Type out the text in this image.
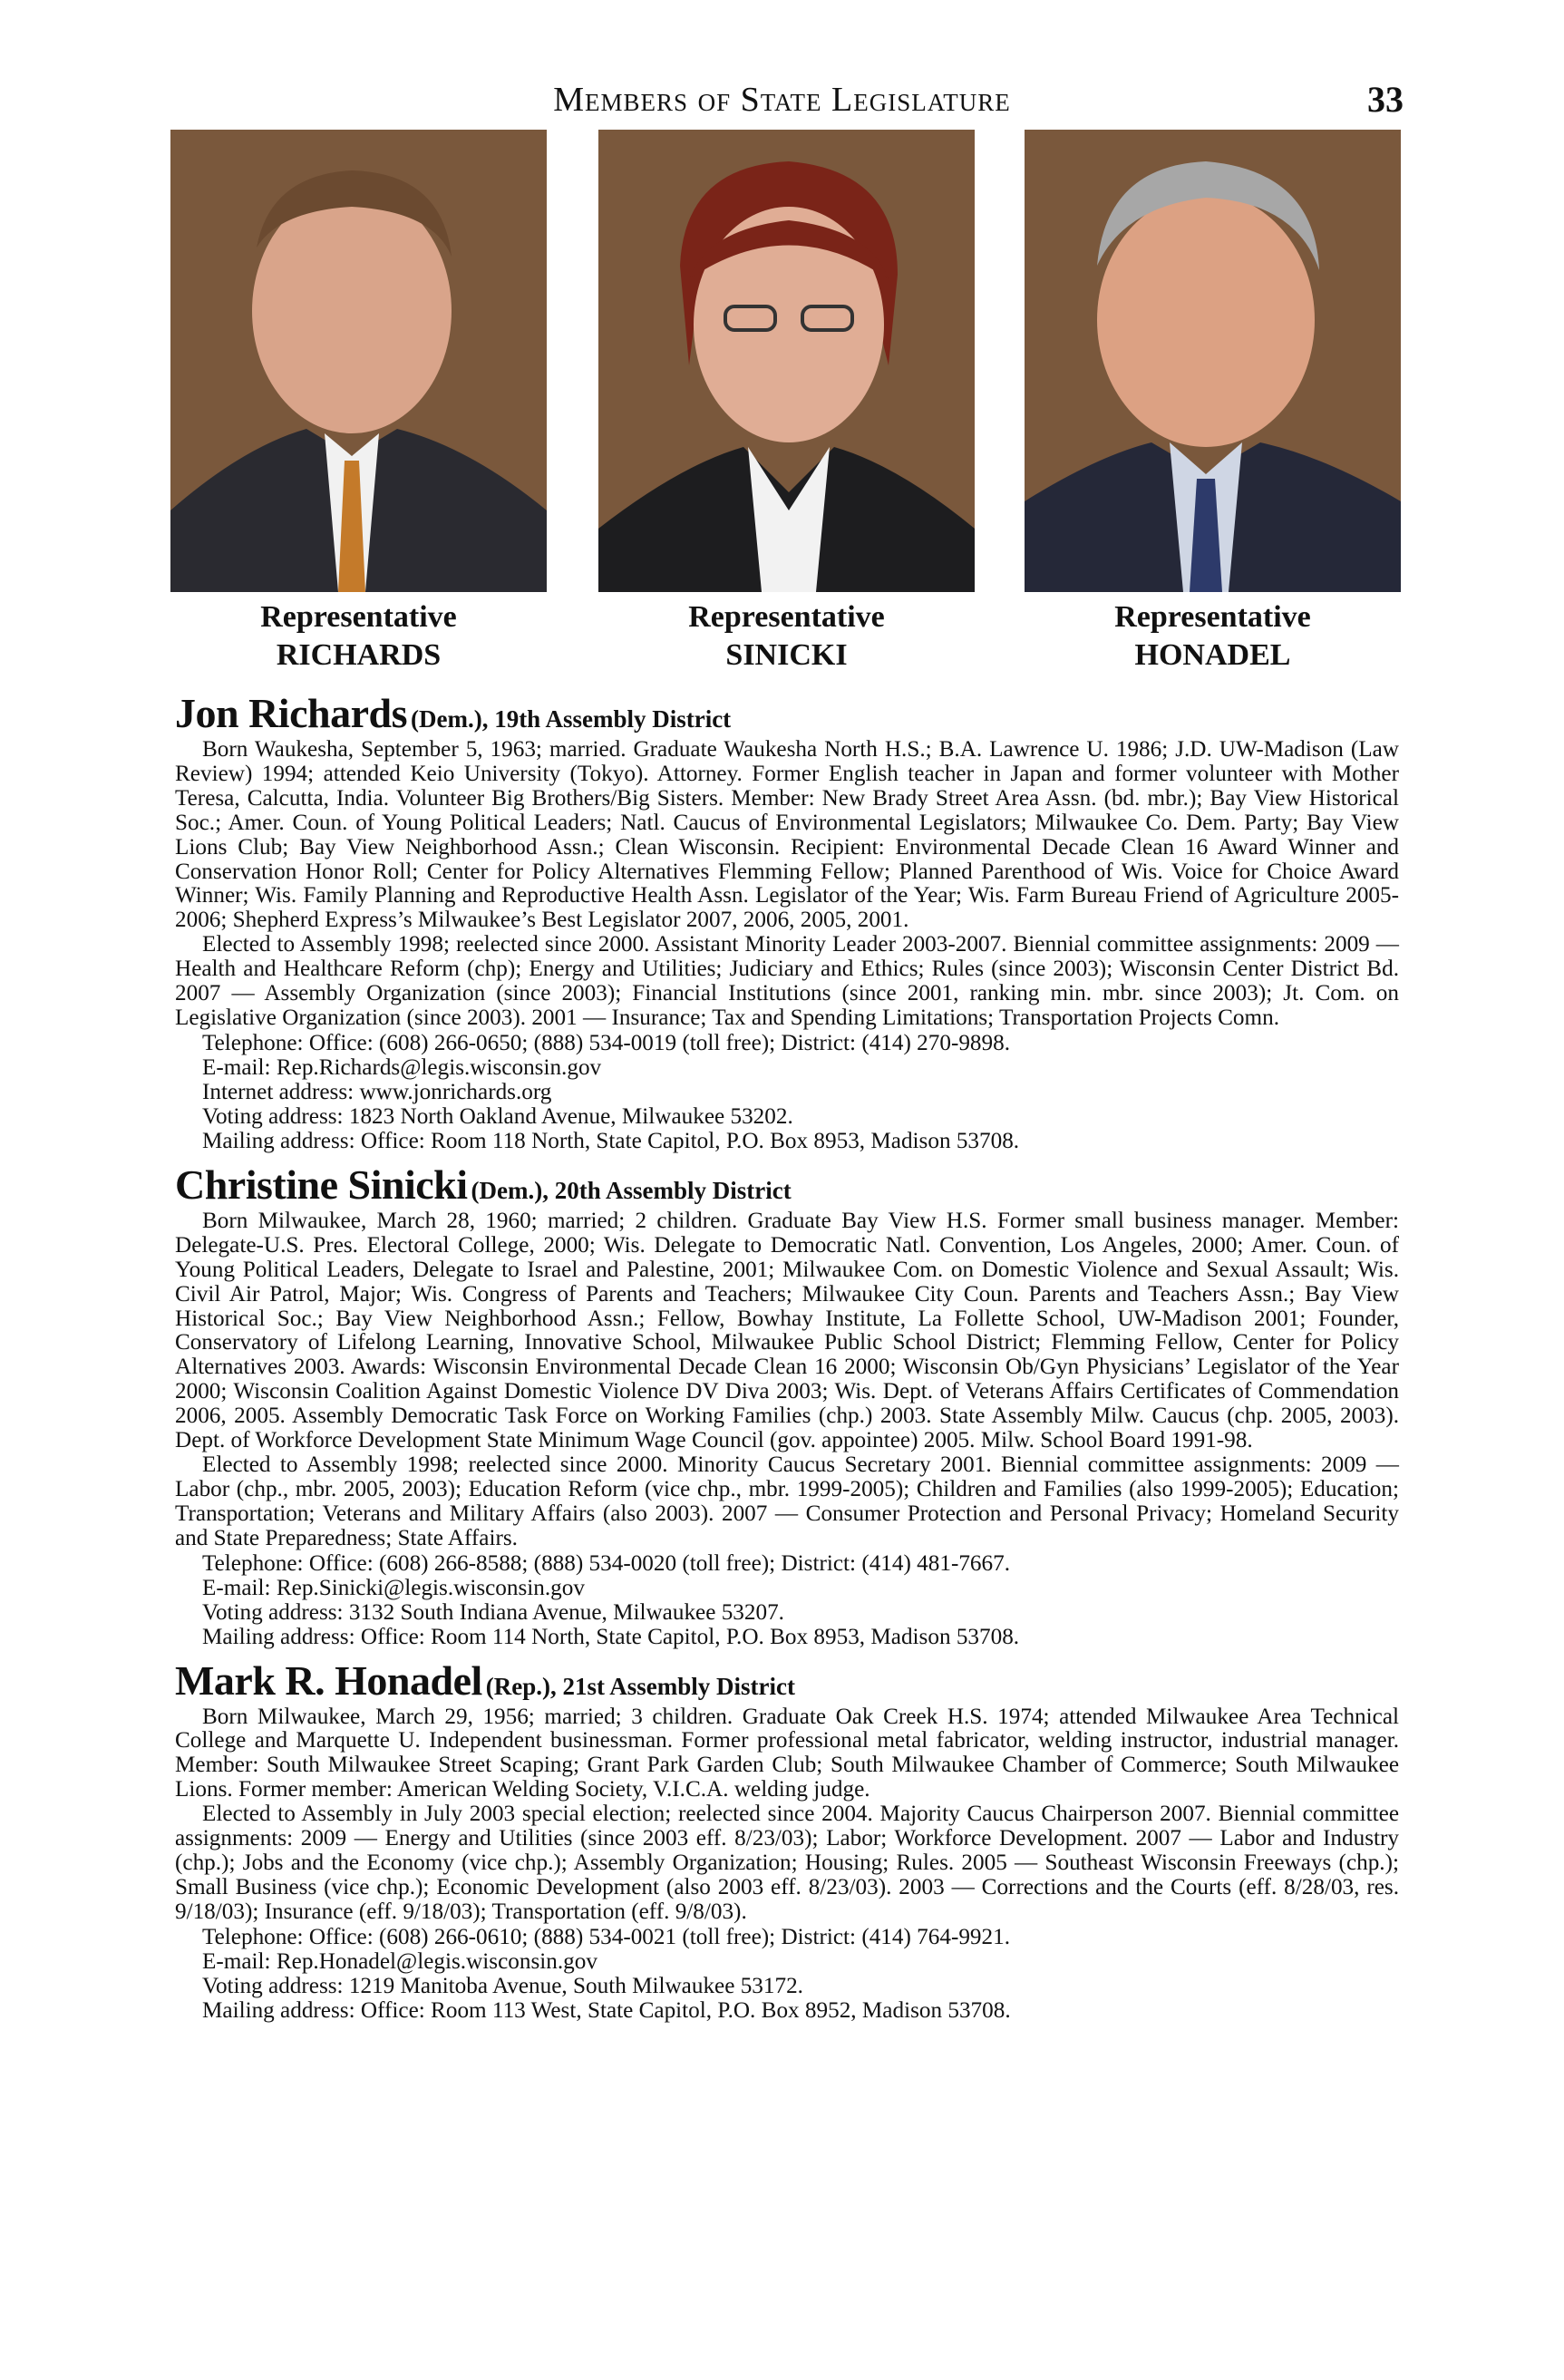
Members of State Legislature	33
Representative
RICHARDS
Representative
SINICKI
Representative
HONADEL
Jon Richards (Dem.), 19th Assembly District

Born Waukesha, September 5, 1963; married. Graduate Waukesha North H.S.; B.A. Lawrence U. 1986; J.D. UW-Madison (Law Review) 1994; attended Keio University (Tokyo). Attorney. Former English teacher in Japan and former volunteer with Mother Teresa, Calcutta, India. Volunteer Big Brothers/Big Sisters. Member: New Brady Street Area Assn. (bd. mbr.); Bay View Historical Soc.; Amer. Coun. of Young Political Leaders; Natl. Caucus of Environmental Legislators; Milwaukee Co. Dem. Party; Bay View Lions Club; Bay View Neighborhood Assn.; Clean Wisconsin. Recipient: Environmental Decade Clean 16 Award Winner and Conservation Honor Roll; Center for Policy Alternatives Flemming Fellow; Planned Parenthood of Wis. Voice for Choice Award Winner; Wis. Family Planning and Reproductive Health Assn. Legislator of the Year; Wis. Farm Bureau Friend of Agriculture 2005-2006; Shepherd Express’s Milwaukee’s Best Legislator 2007, 2006, 2005, 2001.

Elected to Assembly 1998; reelected since 2000. Assistant Minority Leader 2003-2007. Biennial committee assignments: 2009 — Health and Healthcare Reform (chp); Energy and Utilities; Judiciary and Ethics; Rules (since 2003); Wisconsin Center District Bd. 2007 — Assembly Organization (since 2003); Financial Institutions (since 2001, ranking min. mbr. since 2003); Jt. Com. on Legislative Organization (since 2003). 2001 — Insurance; Tax and Spending Limitations; Transportation Projects Comn.

Telephone: Office: (608) 266-0650; (888) 534-0019 (toll free); District: (414) 270-9898.

E-mail: Rep.Richards@legis.wisconsin.gov

Internet address: www.jonrichards.org

Voting address: 1823 North Oakland Avenue, Milwaukee 53202.

Mailing address: Office: Room 118 North, State Capitol, P.O. Box 8953, Madison 53708.

Christine Sinicki (Dem.), 20th Assembly District

Born Milwaukee, March 28, 1960; married; 2 children. Graduate Bay View H.S. Former small business manager. Member: Delegate-U.S. Pres. Electoral College, 2000; Wis. Delegate to Democratic Natl. Convention, Los Angeles, 2000; Amer. Coun. of Young Political Leaders, Delegate to Israel and Palestine, 2001; Milwaukee Com. on Domestic Violence and Sexual Assault; Wis. Civil Air Patrol, Major; Wis. Congress of Parents and Teachers; Milwaukee City Coun. Parents and Teachers Assn.; Bay View Historical Soc.; Bay View Neighborhood Assn.; Fellow, Bowhay Institute, La Follette School, UW-Madison 2001; Founder, Conservatory of Lifelong Learning, Innovative School, Milwaukee Public School District; Flemming Fellow, Center for Policy Alternatives 2003. Awards: Wisconsin Environmental Decade Clean 16 2000; Wisconsin Ob/Gyn Physicians’ Legislator of the Year 2000; Wisconsin Coalition Against Domestic Violence DV Diva 2003; Wis. Dept. of Veterans Affairs Certificates of Commendation 2006, 2005. Assembly Democratic Task Force on Working Families (chp.) 2003. State Assembly Milw. Caucus (chp. 2005, 2003). Dept. of Workforce Development State Minimum Wage Council (gov. appointee) 2005. Milw. School Board 1991-98.

Elected to Assembly 1998; reelected since 2000. Minority Caucus Secretary 2001. Biennial committee assignments: 2009 — Labor (chp., mbr. 2005, 2003); Education Reform (vice chp., mbr. 1999-2005); Children and Families (also 1999-2005); Education; Transportation; Veterans and Military Affairs (also 2003). 2007 — Consumer Protection and Personal Privacy; Homeland Security and State Preparedness; State Affairs.

Telephone: Office: (608) 266-8588; (888) 534-0020 (toll free); District: (414) 481-7667.

E-mail: Rep.Sinicki@legis.wisconsin.gov

Voting address: 3132 South Indiana Avenue, Milwaukee 53207.

Mailing address: Office: Room 114 North, State Capitol, P.O. Box 8953, Madison 53708.

Mark R. Honadel (Rep.), 21st Assembly District

Born Milwaukee, March 29, 1956; married; 3 children. Graduate Oak Creek H.S. 1974; attended Milwaukee Area Technical College and Marquette U. Independent businessman. Former professional metal fabricator, welding instructor, industrial manager. Member: South Milwaukee Street Scaping; Grant Park Garden Club; South Milwaukee Chamber of Commerce; South Milwaukee Lions. Former member: American Welding Society, V.I.C.A. welding judge.

Elected to Assembly in July 2003 special election; reelected since 2004. Majority Caucus Chairperson 2007. Biennial committee assignments: 2009 — Energy and Utilities (since 2003 eff. 8/23/03); Labor; Workforce Development. 2007 — Labor and Industry (chp.); Jobs and the Economy (vice chp.); Assembly Organization; Housing; Rules. 2005 — Southeast Wisconsin Freeways (chp.); Small Business (vice chp.); Economic Development (also 2003 eff. 8/23/03). 2003 — Corrections and the Courts (eff. 8/28/03, res. 9/18/03); Insurance (eff. 9/18/03); Transportation (eff. 9/8/03).

Telephone: Office: (608) 266-0610; (888) 534-0021 (toll free); District: (414) 764-9921.

E-mail: Rep.Honadel@legis.wisconsin.gov

Voting address: 1219 Manitoba Avenue, South Milwaukee 53172.

Mailing address: Office: Room 113 West, State Capitol, P.O. Box 8952, Madison 53708.
